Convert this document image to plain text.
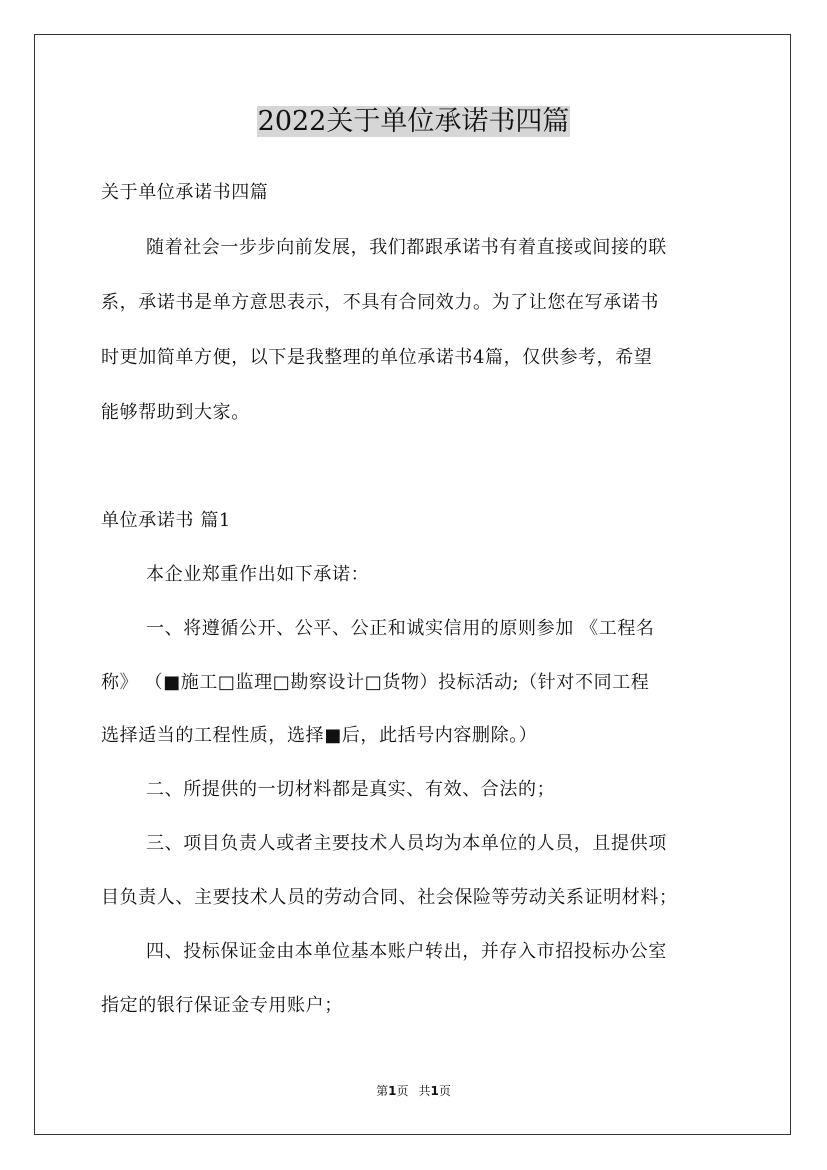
2022关于单位承诺书四篇

关于单位承诺书四篇

随着社会一步步向前发展，我们都跟承诺书有着直接或间接的联

系，承诺书是单方意思表示，不具有合同效力。为了让您在写承诺书

时更加简单方便，以下是我整理的单位承诺书4篇，仅供参考，希望

能够帮助到大家。

单位承诺书 篇1

本企业郑重作出如下承诺：

一、将遵循公开、公平、公正和诚实信用的原则参加 《工程名

称》 （■施工□监理□勘察设计□货物）投标活动;（针对不同工程

选择适当的工程性质，选择■后，此括号内容删除。）

二、所提供的一切材料都是真实、有效、合法的；

三、项目负责人或者主要技术人员均为本单位的人员，且提供项

目负责人、主要技术人员的劳动合同、社会保险等劳动关系证明材料；

四、投标保证金由本单位基本账户转出，并存入市招投标办公室

指定的银行保证金专用账户；

第1页 共1页
